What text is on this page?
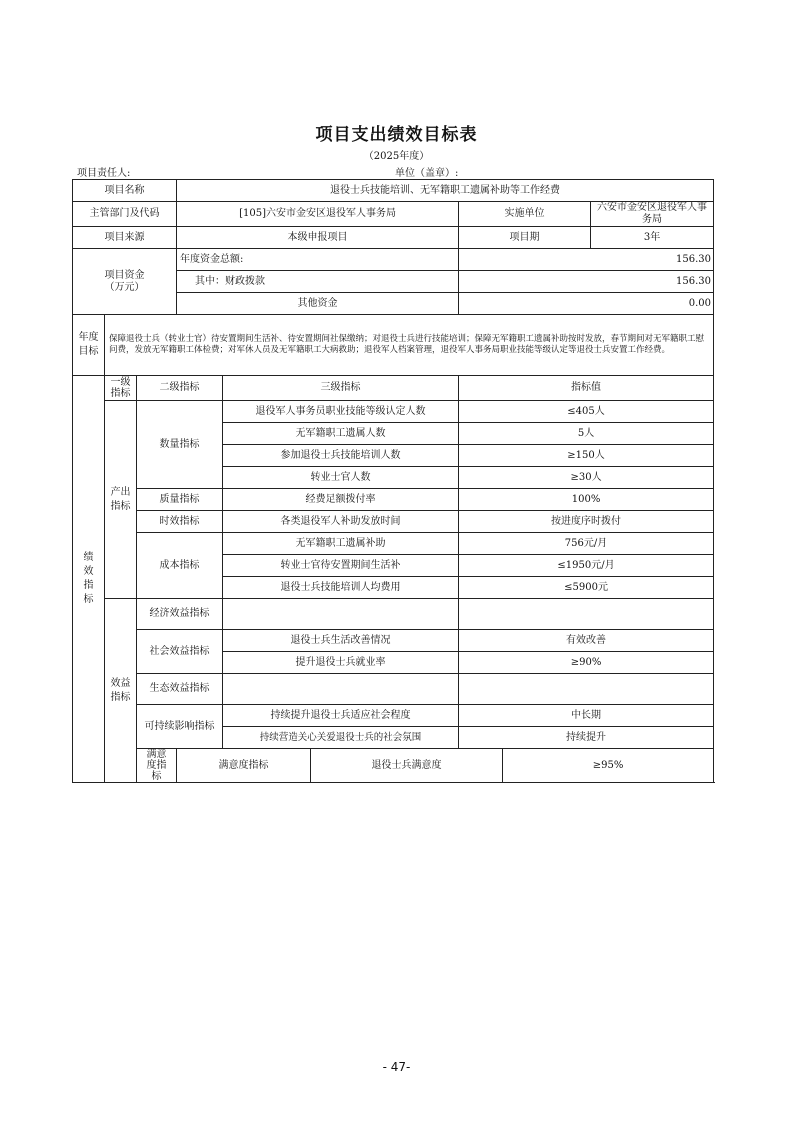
项目支出绩效目标表
（2025年度）
项目责任人:	单位（盖章）:
项目名称			退役士兵技能培训、无军籍职工遗属补助等工作经费					
主管部门及代码			[105]六安市金安区退役军人事务局			实施单位		六安市金安区退役军人事务局
项目来源			本级申报项目			项目期		3年
项目资金
（万元）			年度资金总额:			156.30		
			其中：财政拨款			156.30		
			其他资金			0.00		
年度目标	保障退役士兵（转业士官）待安置期间生活补、待安置期间社保缴纳；对退役士兵进行技能培训；保障无军籍职工遗属补助按时发放，春节期间对无军籍职工慰问费，发放无军籍职工体检费；对军休人员及无军籍职工大病救助；退役军人档案管理，退役军人事务局职业技能等级认定等退役士兵安置工作经费。							
绩效指标	一级指标	二级指标		三级指标		指标值		
	产出指标	数量指标		退役军人事务员职业技能等级认定人数		≤405人		
				无军籍职工遗属人数		5人		
				参加退役士兵技能培训人数		≥150人		
				转业士官人数		≥30人		
		质量指标		经费足额拨付率		100%		
		时效指标		各类退役军人补助发放时间		按进度序时拨付		
		成本指标		无军籍职工遗属补助		756元/月		
				转业士官待安置期间生活补		≤1950元/月		
				退役士兵技能培训人均费用		≤5900元		
	效益指标	经济效益指标						
		社会效益指标		退役士兵生活改善情况		有效改善		
				提升退役士兵就业率		≥90%		
		生态效益指标						
		可持续影响指标		持续提升退役士兵适应社会程度		中长期		
				持续营造关心关爱退役士兵的社会氛围		持续提升		
		满意度指标	满意度指标		退役士兵满意度		≥95%	
- 47-
